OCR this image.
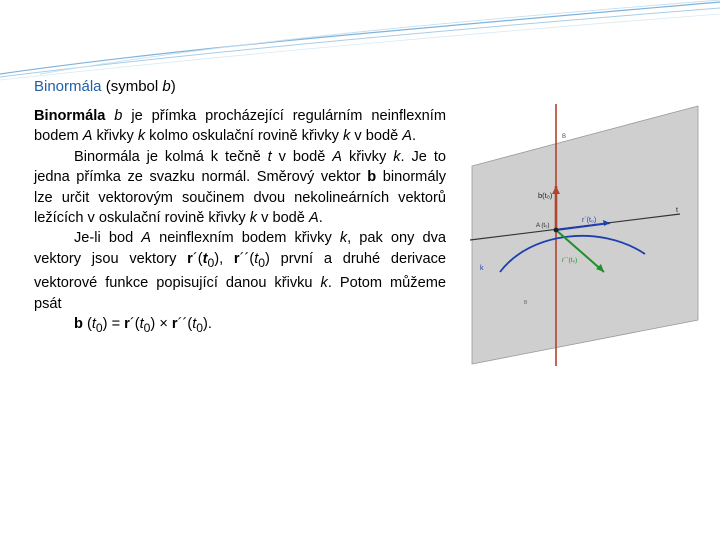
Binormála (symbol b)

Binormála b je přímka procházející regulárním neinflexním bodem A křivky k kolmo oskulační rovině křivky k v bodě A.

Binormála je kolmá k tečně t v bodě A křivky k. Je to jedna přímka ze svazku normál. Směrový vektor b binormály lze určit vektorovým součinem dvou nekolineárních vektorů ležících v oskulační rovině křivky k v bodě A.

Je-li bod A neinflexním bodem křivky k, pak ony dva vektory jsou vektory $r´(t_0)$, $r´´(t_0)$ první a druhé derivace vektorové funkce popisující danou křivku k. Potom můžeme psát

b $(t_0)$ = $r´(t_0)$ × $r´´(t_0)$.

B
b(t₀)
A (t₀)
r´(t₀)
r´´(t₀)
t
k
B
